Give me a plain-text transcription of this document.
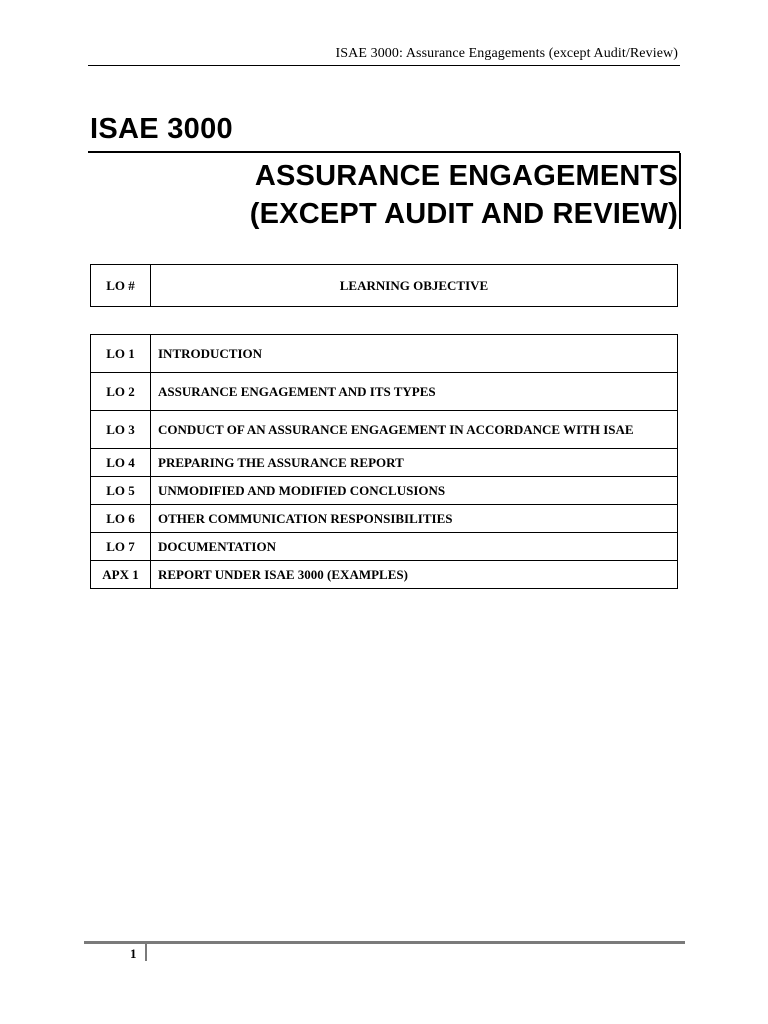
ISAE 3000: Assurance Engagements (except Audit/Review)
ISAE 3000
ASSURANCE ENGAGEMENTS
(EXCEPT AUDIT AND REVIEW)
LO #	LEARNING OBJECTIVE
LO 1	INTRODUCTION
LO 2	ASSURANCE ENGAGEMENT AND ITS TYPES
LO 3	CONDUCT OF AN ASSURANCE ENGAGEMENT IN ACCORDANCE WITH ISAE
LO 4	PREPARING THE ASSURANCE REPORT
LO 5	UNMODIFIED AND MODIFIED CONCLUSIONS
LO 6	OTHER COMMUNICATION RESPONSIBILITIES
LO 7	DOCUMENTATION
APX 1	REPORT UNDER ISAE 3000 (EXAMPLES)
1
